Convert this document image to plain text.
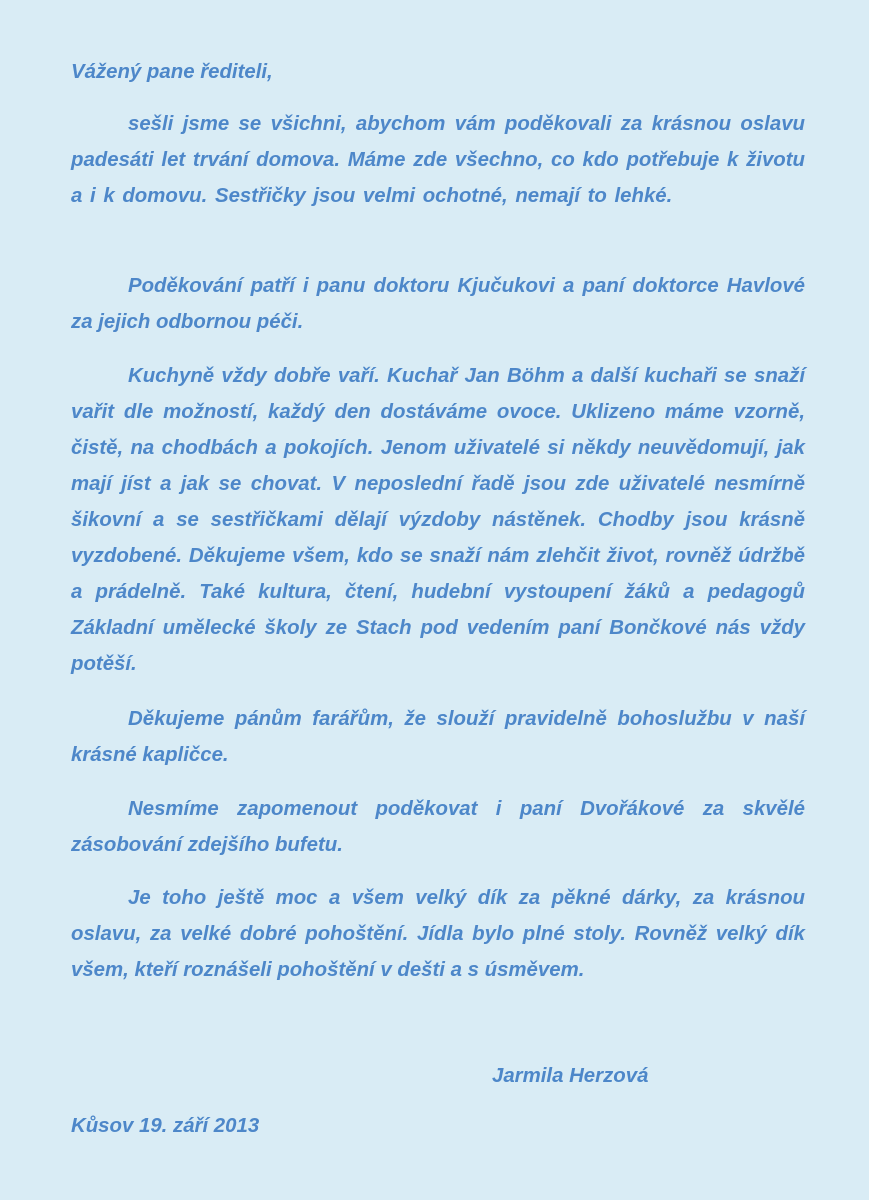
Vážený pane řediteli,

sešli jsme se všichni, abychom vám poděkovali za krásnou oslavu padesáti let trvání domova. Máme zde všechno, co kdo potřebuje k životu a i k domovu. Sestřičky jsou velmi ochotné, nemají to lehké.

Poděkování patří i panu doktoru Kjučukovi a paní doktorce Havlové za jejich odbornou péči.

Kuchyně vždy dobře vaří. Kuchař Jan Böhm a další kuchaři se snaží vařit dle možností, každý den dostáváme ovoce. Uklizeno máme vzorně, čistě, na chodbách a pokojích. Jenom uživatelé si někdy neuvědomují, jak mají jíst a jak se chovat. V neposlední řadě jsou zde uživatelé nesmírně šikovní a se sestřičkami dělají výzdoby nástěnek. Chodby jsou krásně vyzdobené. Děkujeme všem, kdo se snaží nám zlehčit život, rovněž údržbě a prádelně. Také kultura, čtení, hudební vystoupení žáků a pedagogů Základní umělecké školy ze Stach pod vedením paní Bončkové nás vždy potěší.

Děkujeme pánům farářům, že slouží pravidelně bohoslužbu v naší krásné kapličce.

Nesmíme zapomenout poděkovat i paní Dvořákové za skvělé zásobování zdejšího bufetu.

Je toho ještě moc a všem velký dík za pěkné dárky, za krásnou oslavu, za velké dobré pohoštění. Jídla bylo plné stoly. Rovněž velký dík všem, kteří roznášeli pohoštění v dešti a s úsměvem.

Jarmila Herzová
Kůsov 19. září 2013
